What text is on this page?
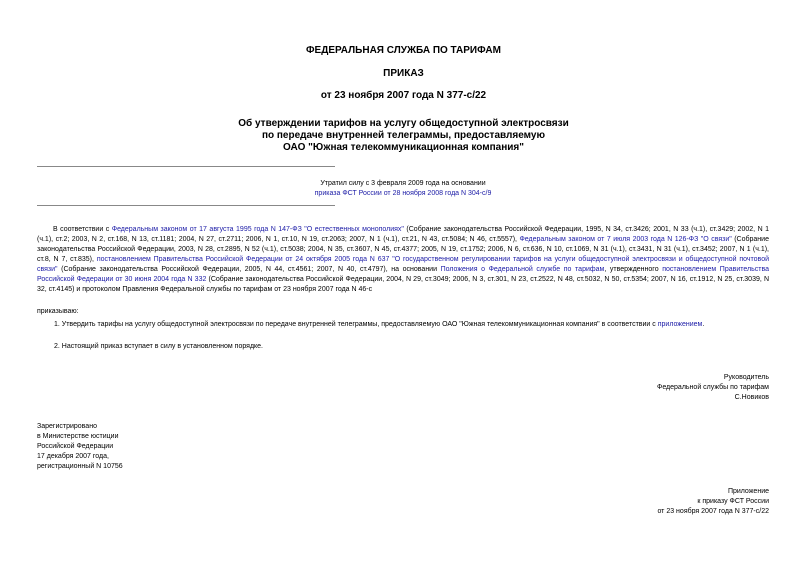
ФЕДЕРАЛЬНАЯ СЛУЖБА ПО ТАРИФАМ
ПРИКАЗ
от 23 ноября 2007 года N 377-с/22
Об утверждении тарифов на услугу общедоступной электросвязи
по передаче внутренней телеграммы, предоставляемую
ОАО "Южная телекоммуникационная компания"
Утратил силу с 3 февраля 2009 года на основании
приказа ФСТ России от 28 ноября 2008 года N 304-с/9
В соответствии с Федеральным законом от 17 августа 1995 года N 147-ФЗ "О естественных монополиях" (Собрание законодательства Российской Федерации, 1995, N 34, ст.3426; 2001, N 33 (ч.1), ст.3429; 2002, N 1 (ч.1), ст.2; 2003, N 2, ст.168, N 13, ст.1181; 2004, N 27, ст.2711; 2006, N 1, ст.10, N 19, ст.2063; 2007, N 1 (ч.1), ст.21, N 43, ст.5084; N 46, ст.5557), Федеральным законом от 7 июля 2003 года N 126-ФЗ "О связи" (Собрание законодательства Российской Федерации, 2003, N 28, ст.2895, N 52 (ч.1), ст.5038; 2004, N 35, ст.3607, N 45, ст.4377; 2005, N 19, ст.1752; 2006, N 6, ст.636, N 10, ст.1069, N 31 (ч.1), ст.3431, N 31 (ч.1), ст.3452; 2007, N 1 (ч.1), ст.8, N 7, ст.835), постановлением Правительства Российской Федерации от 24 октября 2005 года N 637 "О государственном регулировании тарифов на услуги общедоступной электросвязи и общедоступной почтовой связи" (Собрание законодательства Российской Федерации, 2005, N 44, ст.4561; 2007, N 40, ст.4797), на основании Положения о Федеральной службе по тарифам, утвержденного постановлением Правительства Российской Федерации от 30 июня 2004 года N 332 (Собрание законодательства Российской Федерации, 2004, N 29, ст.3049; 2006, N 3, ст.301, N 23, ст.2522, N 48, ст.5032, N 50, ст.5354; 2007, N 16, ст.1912, N 25, ст.3039, N 32, ст.4145) и протоколом Правления Федеральной службы по тарифам от 23 ноября 2007 года N 46-с
приказываю:
1. Утвердить тарифы на услугу общедоступной электросвязи по передаче внутренней телеграммы, предоставляемую ОАО "Южная телекоммуникационная компания" в соответствии с приложением.
2. Настоящий приказ вступает в силу в установленном порядке.
Руководитель
Федеральной службы по тарифам
С.Новиков
Зарегистрировано
в Министерстве юстиции
Российской Федерации
17 декабря 2007 года,
регистрационный N 10756
Приложение
к приказу ФСТ России
от 23 ноября 2007 года N 377-с/22
